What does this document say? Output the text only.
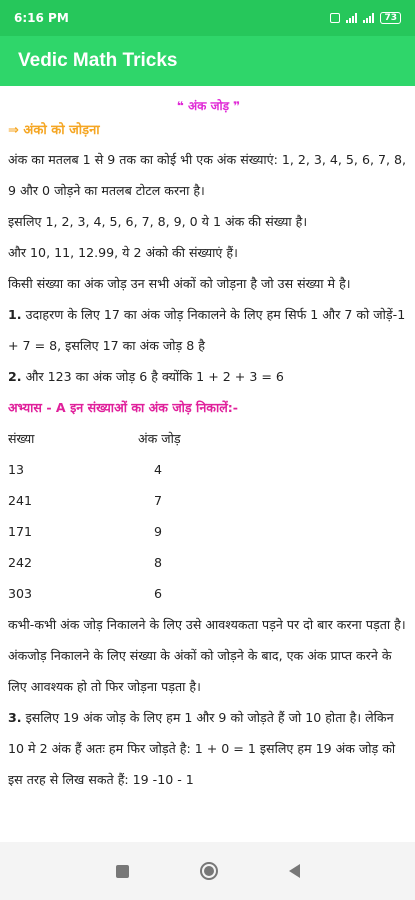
6:16 PM	73
Vedic Math Tricks

❝ अंक जोड़ ❞

⇒ अंको को जोड़ना

अंक का मतलब 1 से 9 तक का कोई भी एक अंक संख्याएं: 1, 2, 3, 4, 5, 6, 7, 8, 9 और 0 जोड़ने का मतलब टोटल करना है।

इसलिए 1, 2, 3, 4, 5, 6, 7, 8, 9, 0 ये 1 अंक की संख्या है।

और 10, 11, 12.99, ये 2 अंको की संख्याएं हैं।

किसी संख्या का अंक जोड़ उन सभी अंकों को जोड़ना है जो उस संख्या मे है।

1. उदाहरण के लिए 17 का अंक जोड़ निकालने के लिए हम सिर्फ 1 और 7 को जोड़ें-1 + 7 = 8, इसलिए 17 का अंक जोड़ 8 है

2. और 123 का अंक जोड़ 6 है क्योंकि 1 + 2 + 3 = 6

अभ्यास - A इन संख्याओं का अंक जोड़ निकालें:-

संख्या	अंक जोड़
13	4
241	7
171	9
242	8
303	6

कभी-कभी अंक जोड़ निकालने के लिए उसे आवश्यकता पड़ने पर दो बार करना पड़ता है।

अंकजोड़ निकालने के लिए संख्या के अंकों को जोड़ने के बाद, एक अंक प्राप्त करने के लिए आवश्यक हो तो फिर जोड़ना पड़ता है।

3. इसलिए 19 अंक जोड़ के लिए हम 1 और 9 को जोड़ते हैं जो 10 होता है। लेकिन 10 मे 2 अंक हैं अतः हम फिर जोड़ते है: 1 + 0 = 1 इसलिए हम 19 अंक जोड़ को इस तरह से लिख सकते हैं: 19 -10 - 1
